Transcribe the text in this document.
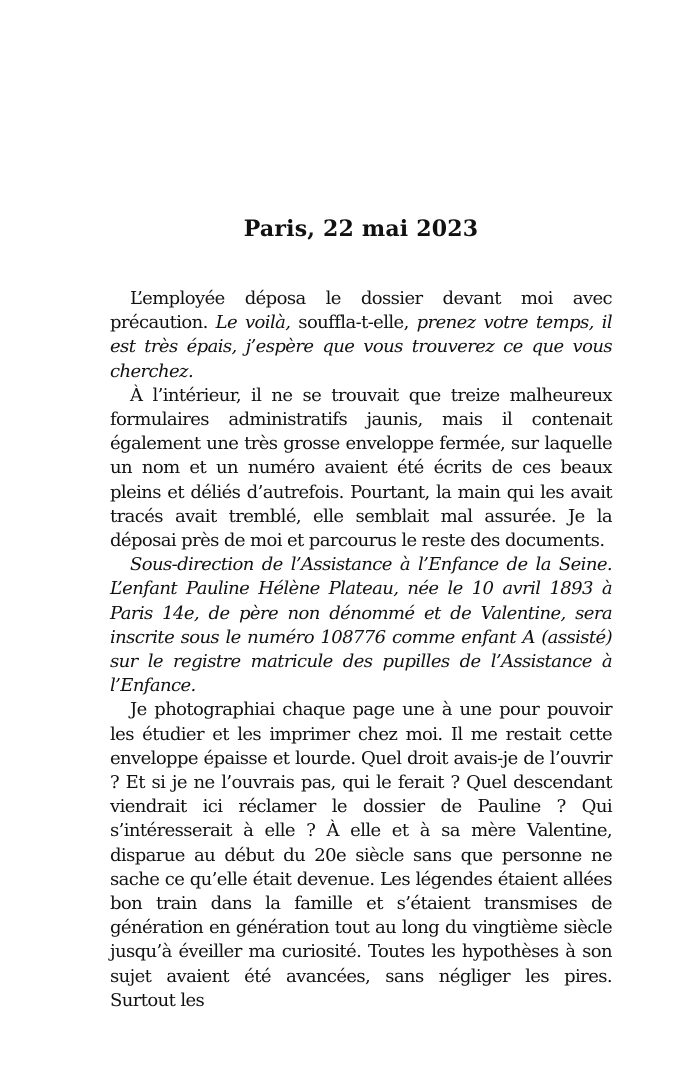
Paris, 22 mai 2023

L’employée déposa le dossier devant moi avec précaution. Le voilà, souffla-t-elle, prenez votre temps, il est très épais, j’espère que vous trouverez ce que vous cherchez.

À l’intérieur, il ne se trouvait que treize malheureux formulaires administratifs jaunis, mais il contenait également une très grosse enveloppe fermée, sur laquelle un nom et un numéro avaient été écrits de ces beaux pleins et déliés d’autrefois. Pourtant, la main qui les avait tracés avait tremblé, elle semblait mal assurée. Je la déposai près de moi et parcourus le reste des documents.

Sous-direction de l’Assistance à l’Enfance de la Seine. L’enfant Pauline Hélène Plateau, née le 10 avril 1893 à Paris 14e, de père non dénommé et de Valentine, sera inscrite sous le numéro 108776 comme enfant A (assisté) sur le registre matricule des pupilles de l’Assistance à l’Enfance.

Je photographiai chaque page une à une pour pouvoir les étudier et les imprimer chez moi. Il me restait cette enveloppe épaisse et lourde. Quel droit avais-je de l’ouvrir ? Et si je ne l’ouvrais pas, qui le ferait ? Quel descendant viendrait ici réclamer le dossier de Pauline ? Qui s’intéresserait à elle ? À elle et à sa mère Valentine, disparue au début du 20e siècle sans que personne ne sache ce qu’elle était devenue. Les légendes étaient allées bon train dans la famille et s’étaient transmises de génération en génération tout au long du vingtième siècle jusqu’à éveiller ma curiosité. Toutes les hypothèses à son sujet avaient été avancées, sans négliger les pires. Surtout les
